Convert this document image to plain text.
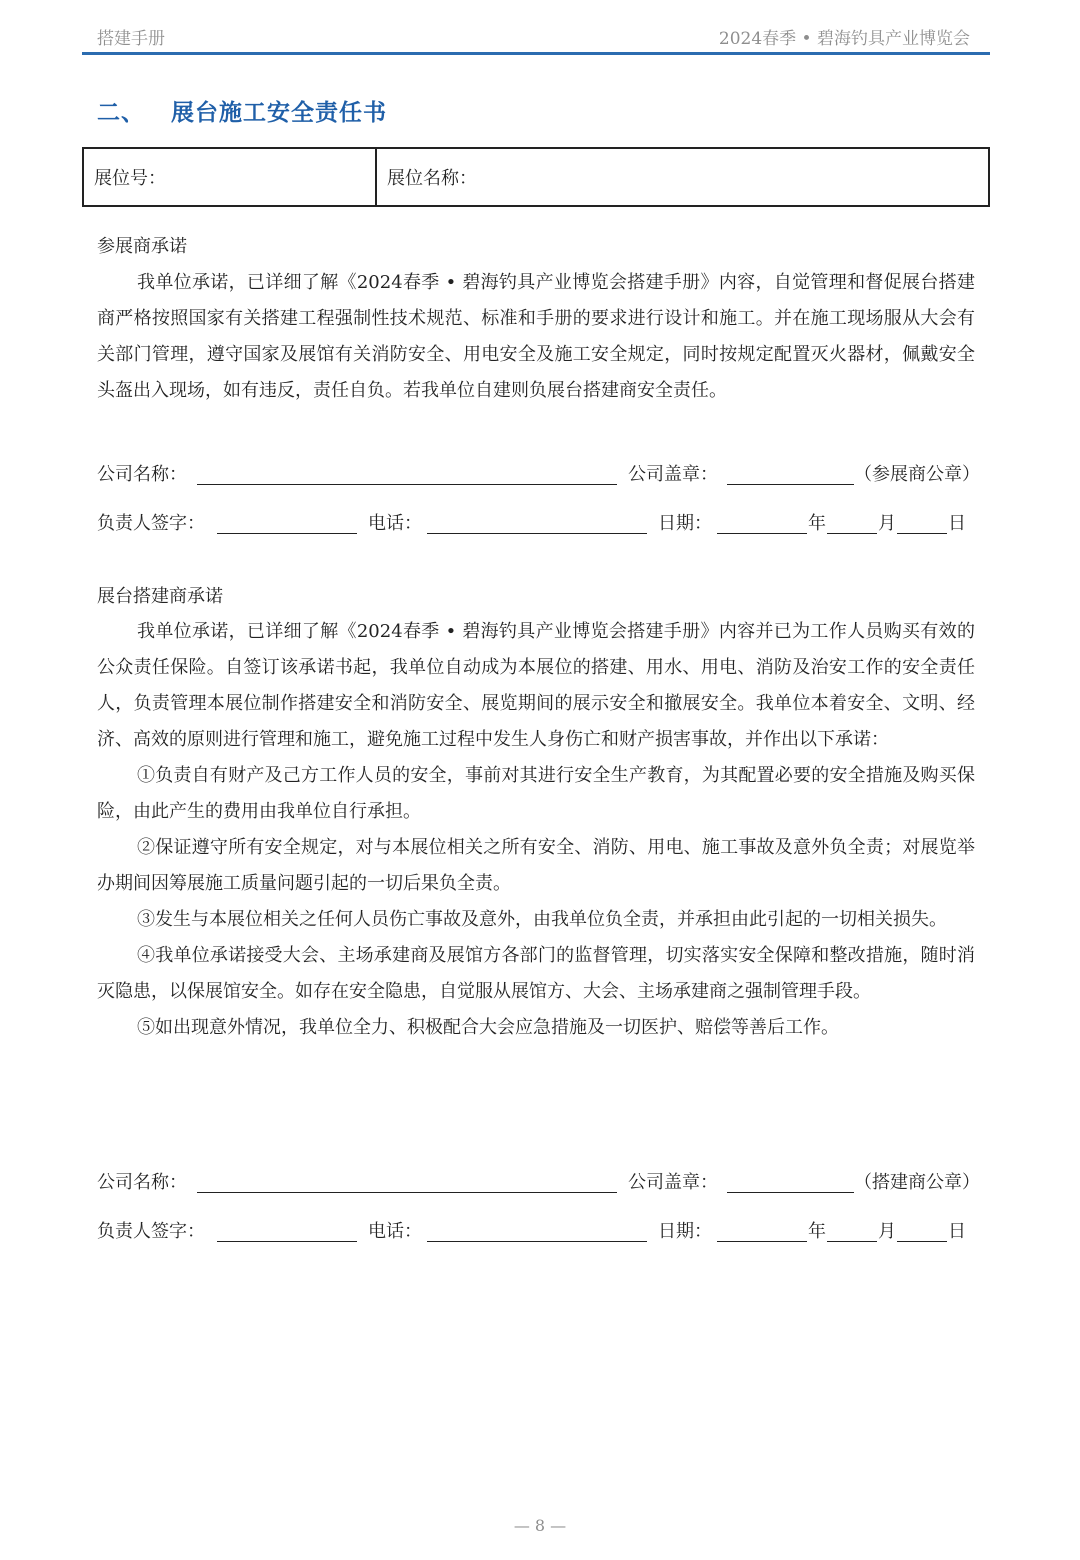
搭建手册	2024春季 • 碧海钓具产业博览会
二、 展台施工安全责任书
展位号：	展位名称：
参展商承诺
我单位承诺，已详细了解《2024春季 • 碧海钓具产业博览会搭建手册》内容，自觉管理和督促展台搭建商严格按照国家有关搭建工程强制性技术规范、标准和手册的要求进行设计和施工。并在施工现场服从大会有关部门管理，遵守国家及展馆有关消防安全、用电安全及施工安全规定，同时按规定配置灭火器材，佩戴安全头盔出入现场，如有违反，责任自负。若我单位自建则负展台搭建商安全责任。
公司名称：	公司盖章：	（参展商公章）
负责人签字：	电话：	日期：	年	月	日
展台搭建商承诺
我单位承诺，已详细了解《2024春季 • 碧海钓具产业博览会搭建手册》内容并已为工作人员购买有效的公众责任保险。自签订该承诺书起，我单位自动成为本展位的搭建、用水、用电、消防及治安工作的安全责任人，负责管理本展位制作搭建安全和消防安全、展览期间的展示安全和撤展安全。我单位本着安全、文明、经济、高效的原则进行管理和施工，避免施工过程中发生人身伤亡和财产损害事故，并作出以下承诺：
①负责自有财产及己方工作人员的安全，事前对其进行安全生产教育，为其配置必要的安全措施及购买保险，由此产生的费用由我单位自行承担。
②保证遵守所有安全规定，对与本展位相关之所有安全、消防、用电、施工事故及意外负全责；对展览举办期间因筹展施工质量问题引起的一切后果负全责。
③发生与本展位相关之任何人员伤亡事故及意外，由我单位负全责，并承担由此引起的一切相关损失。
④我单位承诺接受大会、主场承建商及展馆方各部门的监督管理，切实落实安全保障和整改措施，随时消灭隐患，以保展馆安全。如存在安全隐患，自觉服从展馆方、大会、主场承建商之强制管理手段。
⑤如出现意外情况，我单位全力、积极配合大会应急措施及一切医护、赔偿等善后工作。
公司名称：	公司盖章：	（搭建商公章）
负责人签字：	电话：	日期：	年	月	日
— 8 —
